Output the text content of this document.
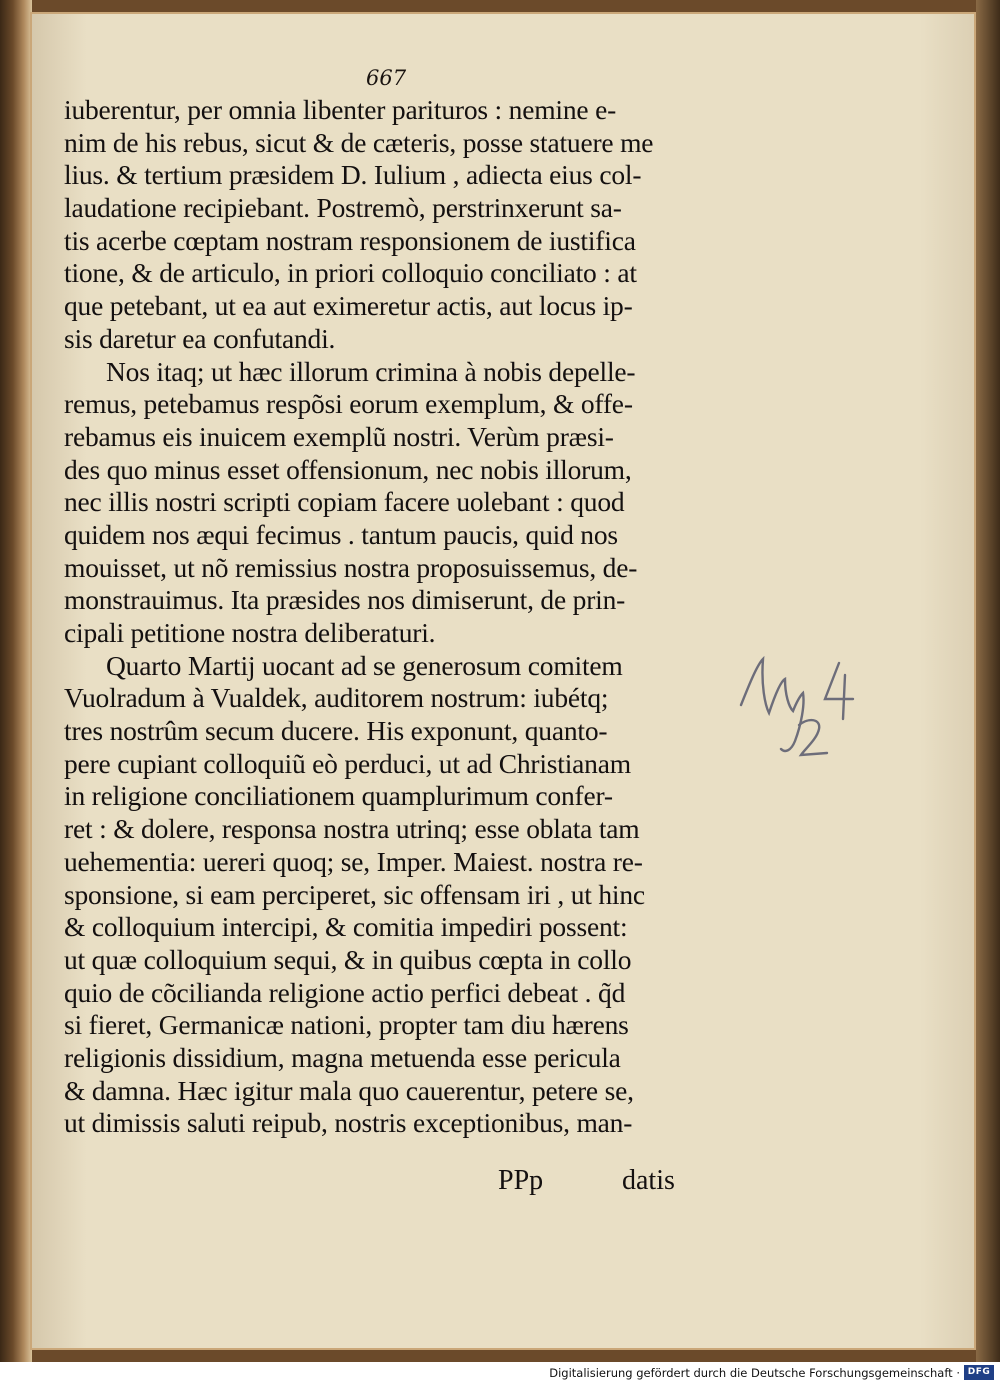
667
iuberentur, per omnia libenter parituros : nemine e-
nim de his rebus, sicut & de cæteris, posse statuere me
lius. & tertium præsidem D. Iulium , adiecta eius col-
laudatione recipiebant. Postremò, perstrinxerunt sa-
tis acerbe cœptam nostram responsionem de iustifica
tione, & de articulo, in priori colloquio conciliato : at
que petebant, ut ea aut eximeretur actis, aut locus ip-
sis daretur ea confutandi.
Nos itaq; ut hæc illorum crimina à nobis depelle-
remus, petebamus respõsi eorum exemplum, & offe-
rebamus eis inuicem exemplũ nostri. Verùm præsi-
des quo minus esset offensionum, nec nobis illorum,
nec illis nostri scripti copiam facere uolebant : quod
quidem nos æqui fecimus . tantum paucis, quid nos
mouisset, ut nõ remissius nostra proposuissemus, de-
monstrauimus. Ita præsides nos dimiserunt, de prin-
cipali petitione nostra deliberaturi.
Quarto Martij uocant ad se generosum comitem
Vuolradum à Vualdek, auditorem nostrum: iubétq;
tres nostrûm secum ducere. His exponunt, quanto-
pere cupiant colloquiũ eò perduci, ut ad Christianam
in religione conciliationem quamplurimum confer-
ret : & dolere, responsa nostra utrinq; esse oblata tam
uehementia: uereri quoq; se, Imper. Maiest. nostra re-
sponsione, si eam perciperet, sic offensam iri , ut hinc
& colloquium intercipi, & comitia impediri possent:
ut quæ colloquium sequi, & in quibus cœpta in collo
quio de cõcilianda religione actio perfici debeat . q̃d
si fieret, Germanicæ nationi, propter tam diu hærens
religionis dissidium, magna metuenda esse pericula
& damna. Hæc igitur mala quo cauerentur, petere se,
ut dimissis saluti reipub, nostris exceptionibus, man-
PPp	datis
Digitalisierung gefördert durch die Deutsche Forschungsgemeinschaft · DFG
